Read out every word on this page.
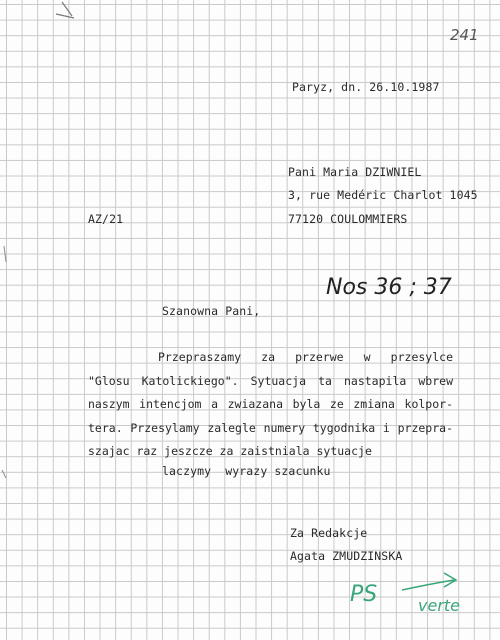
241
Paryz, dn. 26.10.1987
Pani Maria DZIWNIEL
3, rue Medéric Charlot 1045
77120 COULOMMIERS
AZ/21
Nos 36 ; 37
Szanowna Pani,
Przepraszamy za przerwe w przesylce
"Glosu Katolickiego". Sytuacja ta nastapila wbrew
naszym intencjom a zwiazana byla ze zmiana kolpor-
tera. Przesylamy zalegle numery tygodnika i przepra-
szajac raz jeszcze za zaistniala sytuacje
laczymy  wyrazy szacunku
Za Redakcje
Agata ZMUDZINSKA
PS	verte
